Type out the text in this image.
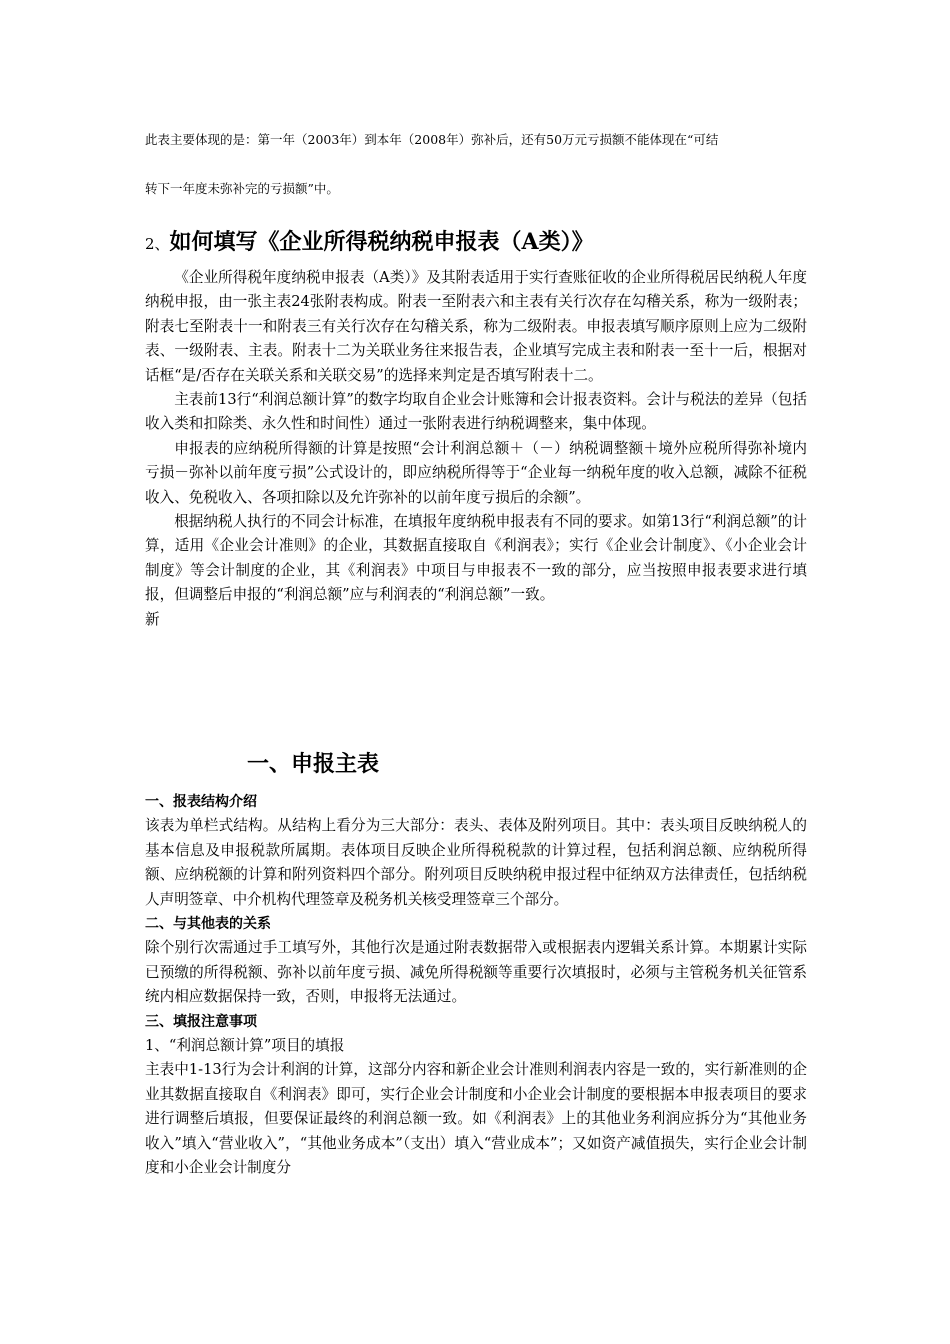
此表主要体现的是：第一年（2003年）到本年（2008年）弥补后，还有50万元亏损额不能体现在“可结
转下一年度未弥补完的亏损额”中。
2、如何填写《企业所得税纳税申报表（A类）》

《企业所得税年度纳税申报表（A类）》及其附表适用于实行查账征收的企业所得税居民纳税人年度纳税申报，由一张主表24张附表构成。附表一至附表六和主表有关行次存在勾稽关系，称为一级附表；附表七至附表十一和附表三有关行次存在勾稽关系，称为二级附表。申报表填写顺序原则上应为二级附表、一级附表、主表。附表十二为关联业务往来报告表，企业填写完成主表和附表一至十一后，根据对话框“是/否存在关联关系和关联交易”的选择来判定是否填写附表十二。

主表前13行“利润总额计算”的数字均取自企业会计账簿和会计报表资料。会计与税法的差异（包括收入类和扣除类、永久性和时间性）通过一张附表进行纳税调整来，集中体现。

申报表的应纳税所得额的计算是按照“会计利润总额＋（－）纳税调整额＋境外应税所得弥补境内亏损－弥补以前年度亏损”公式设计的，即应纳税所得等于“企业每一纳税年度的收入总额，减除不征税收入、免税收入、各项扣除以及允许弥补的以前年度亏损后的余额”。

根据纳税人执行的不同会计标准，在填报年度纳税申报表有不同的要求。如第13行“利润总额”的计算，适用《企业会计准则》的企业，其数据直接取自《利润表》；实行《企业会计制度》、《小企业会计制度》等会计制度的企业，其《利润表》中项目与申报表不一致的部分，应当按照申报表要求进行填报，但调整后申报的“利润总额”应与利润表的“利润总额”一致。

新

一、申报主表

一、报表结构介绍

该表为单栏式结构。从结构上看分为三大部分：表头、表体及附列项目。其中：表头项目反映纳税人的基本信息及申报税款所属期。表体项目反映企业所得税税款的计算过程，包括利润总额、应纳税所得额、应纳税额的计算和附列资料四个部分。附列项目反映纳税申报过程中征纳双方法律责任，包括纳税人声明签章、中介机构代理签章及税务机关核受理签章三个部分。

二、与其他表的关系

除个别行次需通过手工填写外，其他行次是通过附表数据带入或根据表内逻辑关系计算。本期累计实际已预缴的所得税额、弥补以前年度亏损、减免所得税额等重要行次填报时，必须与主管税务机关征管系统内相应数据保持一致，否则，申报将无法通过。

三、填报注意事项

1、“利润总额计算”项目的填报

主表中1-13行为会计利润的计算，这部分内容和新企业会计准则利润表内容是一致的，实行新准则的企业其数据直接取自《利润表》即可，实行企业会计制度和小企业会计制度的要根据本申报表项目的要求进行调整后填报，但要保证最终的利润总额一致。如《利润表》上的其他业务利润应拆分为“其他业务收入”填入“营业收入”，“其他业务成本”（支出）填入“营业成本”；又如资产减值损失，实行企业会计制度和小企业会计制度分
